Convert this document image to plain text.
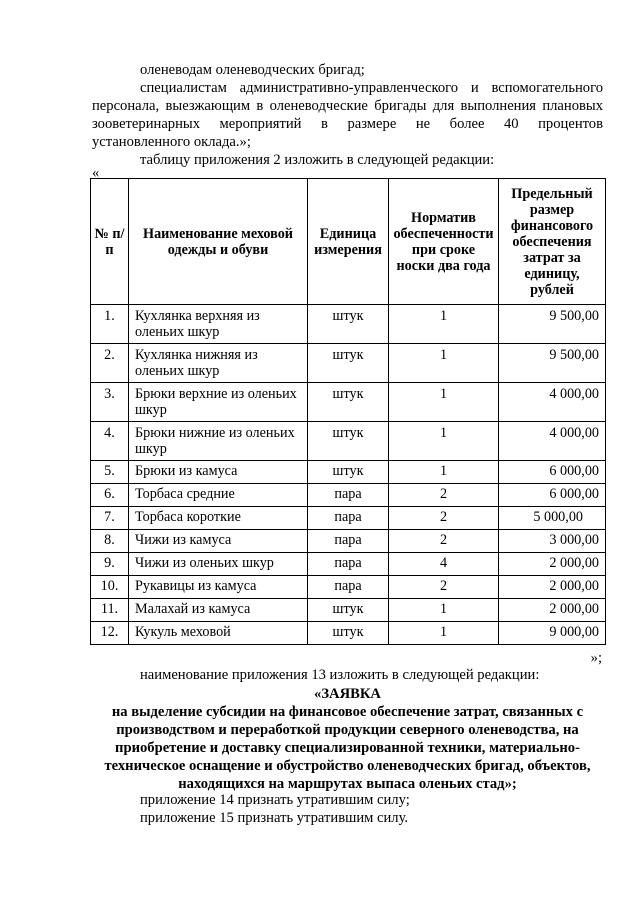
оленеводам оленеводческих бригад;
специалистам административно-управленческого и вспомогательного
персонала, выезжающим в оленеводческие бригады для выполнения плановых
зооветеринарных мероприятий в размере не более 40 процентов
установленного оклада.»;
таблицу приложения 2 изложить в следующей редакции:
«
№ п/п	Наименование меховой одежды и обуви	Единица измерения	Норматив обеспеченности при сроке носки два года	Предельный размер финансового обеспечения затрат за единицу, рублей
1.	Кухлянка верхняя из оленьих шкур	штук	1	9 500,00
2.	Кухлянка нижняя из оленьих шкур	штук	1	9 500,00
3.	Брюки верхние из оленьих шкур	штук	1	4 000,00
4.	Брюки нижние из оленьих шкур	штук	1	4 000,00
5.	Брюки из камуса	штук	1	6 000,00
6.	Торбаса средние	пара	2	6 000,00
7.	Торбаса короткие	пара	2	5 000,00
8.	Чижи из камуса	пара	2	3 000,00
9.	Чижи из оленьих шкур	пара	4	2 000,00
10.	Рукавицы из камуса	пара	2	2 000,00
11.	Малахай из камуса	штук	1	2 000,00
12.	Кукуль меховой	штук	1	9 000,00
»;
наименование приложения 13 изложить в следующей редакции:
«ЗАЯВКА
на выделение субсидии на финансовое обеспечение затрат, связанных с
производством и переработкой продукции северного оленеводства, на
приобретение и доставку специализированной техники, материально-
техническое оснащение и обустройство оленеводческих бригад, объектов,
находящихся на маршрутах выпаса оленьих стад»;
приложение 14 признать утратившим силу;
приложение 15 признать утратившим силу.
